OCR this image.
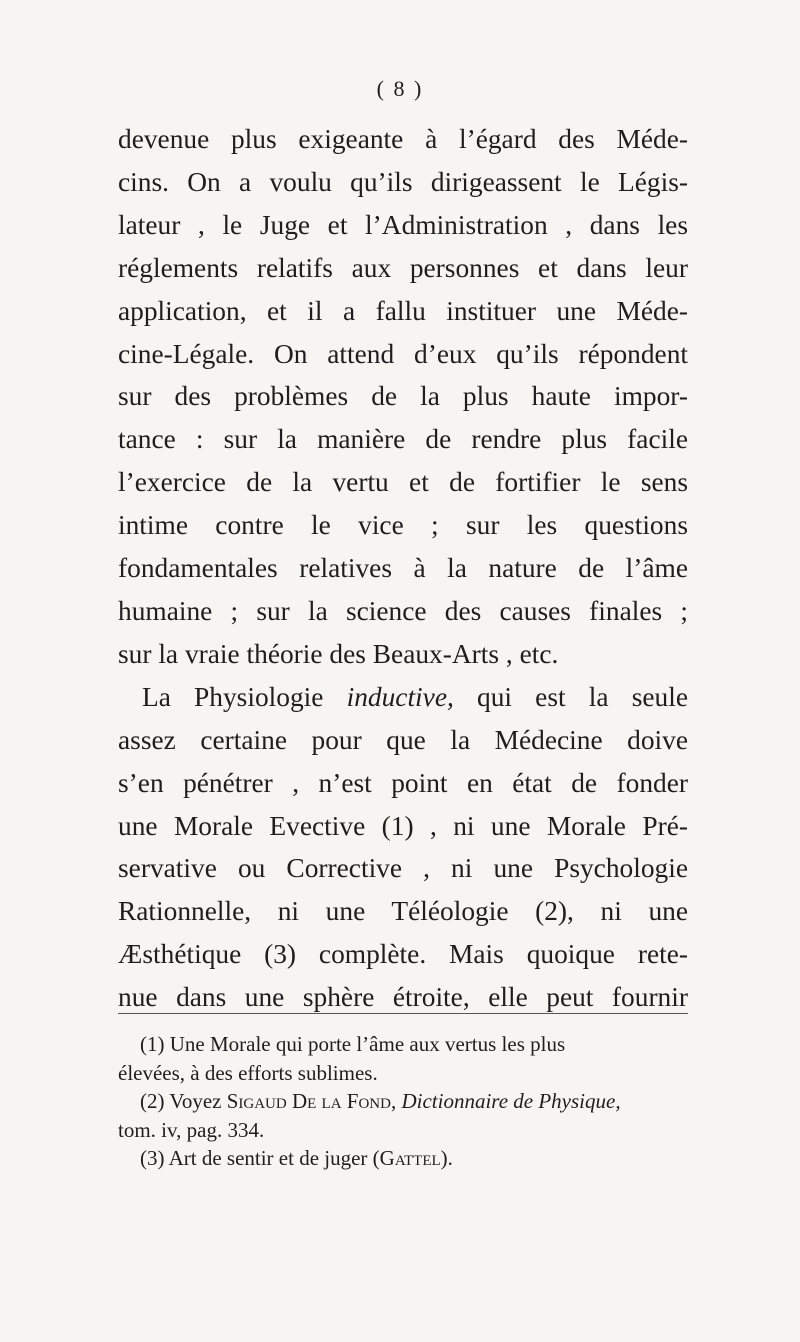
( 8 )
devenue plus exigeante à l’égard des Méde-
cins. On a voulu qu’ils dirigeassent le Légis-
lateur , le Juge et l’Administration , dans les
réglements relatifs aux personnes et dans leur
application, et il a fallu instituer une Méde-
cine-Légale. On attend d’eux qu’ils répondent
sur des problèmes de la plus haute impor-
tance : sur la manière de rendre plus facile
l’exercice de la vertu et de fortifier le sens
intime contre le vice ; sur les questions
fondamentales relatives à la nature de l’âme
humaine ; sur la science des causes finales ;
sur la vraie théorie des Beaux-Arts , etc.
La Physiologie inductive, qui est la seule
assez certaine pour que la Médecine doive
s’en pénétrer , n’est point en état de fonder
une Morale Evective (1) , ni une Morale Pré-
servative ou Corrective , ni une Psychologie
Rationnelle, ni une Téléologie (2), ni une
Æsthétique (3) complète. Mais quoique rete-
nue dans une sphère étroite, elle peut fournir
(1) Une Morale qui porte l’âme aux vertus les plus
élevées, à des efforts sublimes.
(2) Voyez Sigaud De la Fond, Dictionnaire de Physique,
tom. iv, pag. 334.
(3) Art de sentir et de juger (Gattel).
